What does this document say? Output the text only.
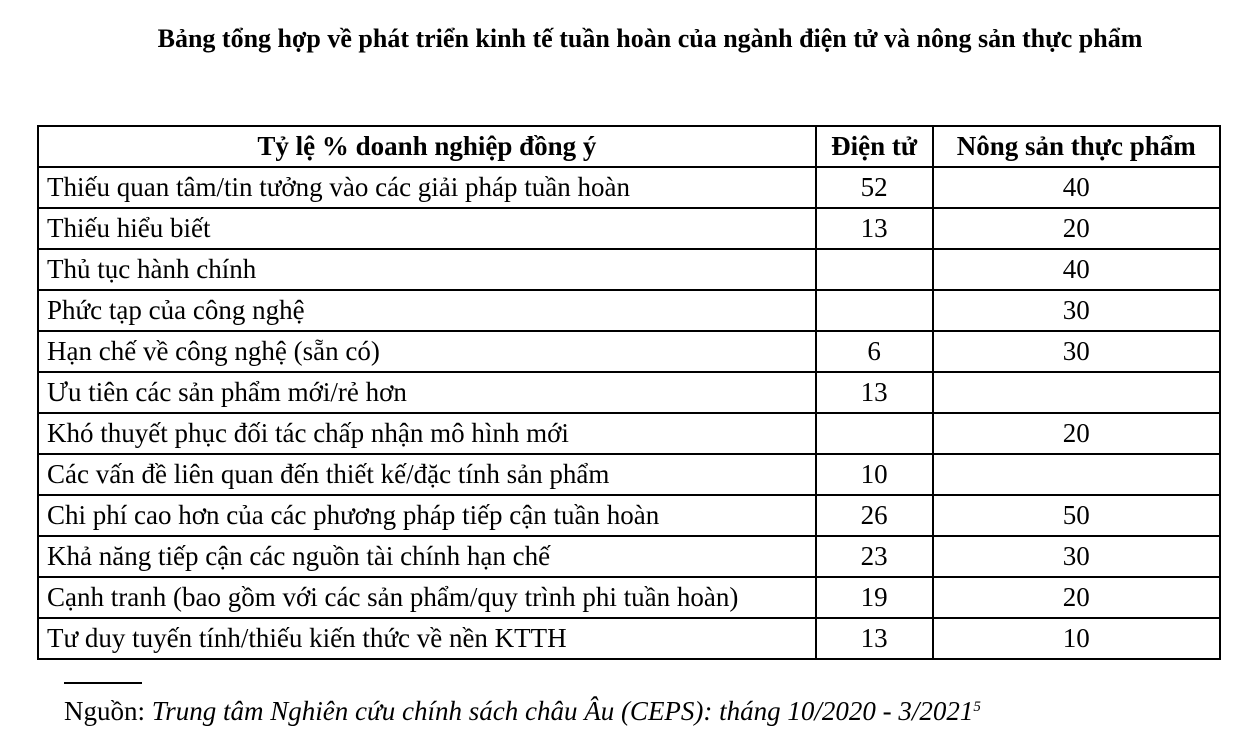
Bảng tổng hợp về phát triển kinh tế tuần hoàn của ngành điện tử và nông sản thực phẩm
Tỷ lệ % doanh nghiệp đồng ý	Điện tử	Nông sản thực phẩm
Thiếu quan tâm/tin tưởng vào các giải pháp tuần hoàn	52	40
Thiếu hiểu biết	13	20
Thủ tục hành chính		40
Phức tạp của công nghệ		30
Hạn chế về công nghệ (sẵn có)	6	30
Ưu tiên các sản phẩm mới/rẻ hơn	13	
Khó thuyết phục đối tác chấp nhận mô hình mới		20
Các vấn đề liên quan đến thiết kế/đặc tính sản phẩm	10	
Chi phí cao hơn của các phương pháp tiếp cận tuần hoàn	26	50
Khả năng tiếp cận các nguồn tài chính hạn chế	23	30
Cạnh tranh (bao gồm với các sản phẩm/quy trình phi tuần hoàn)	19	20
Tư duy tuyến tính/thiếu kiến thức về nền KTTH	13	10
Nguồn: Trung tâm Nghiên cứu chính sách châu Âu (CEPS): tháng 10/2020 - 3/2021$^5$
